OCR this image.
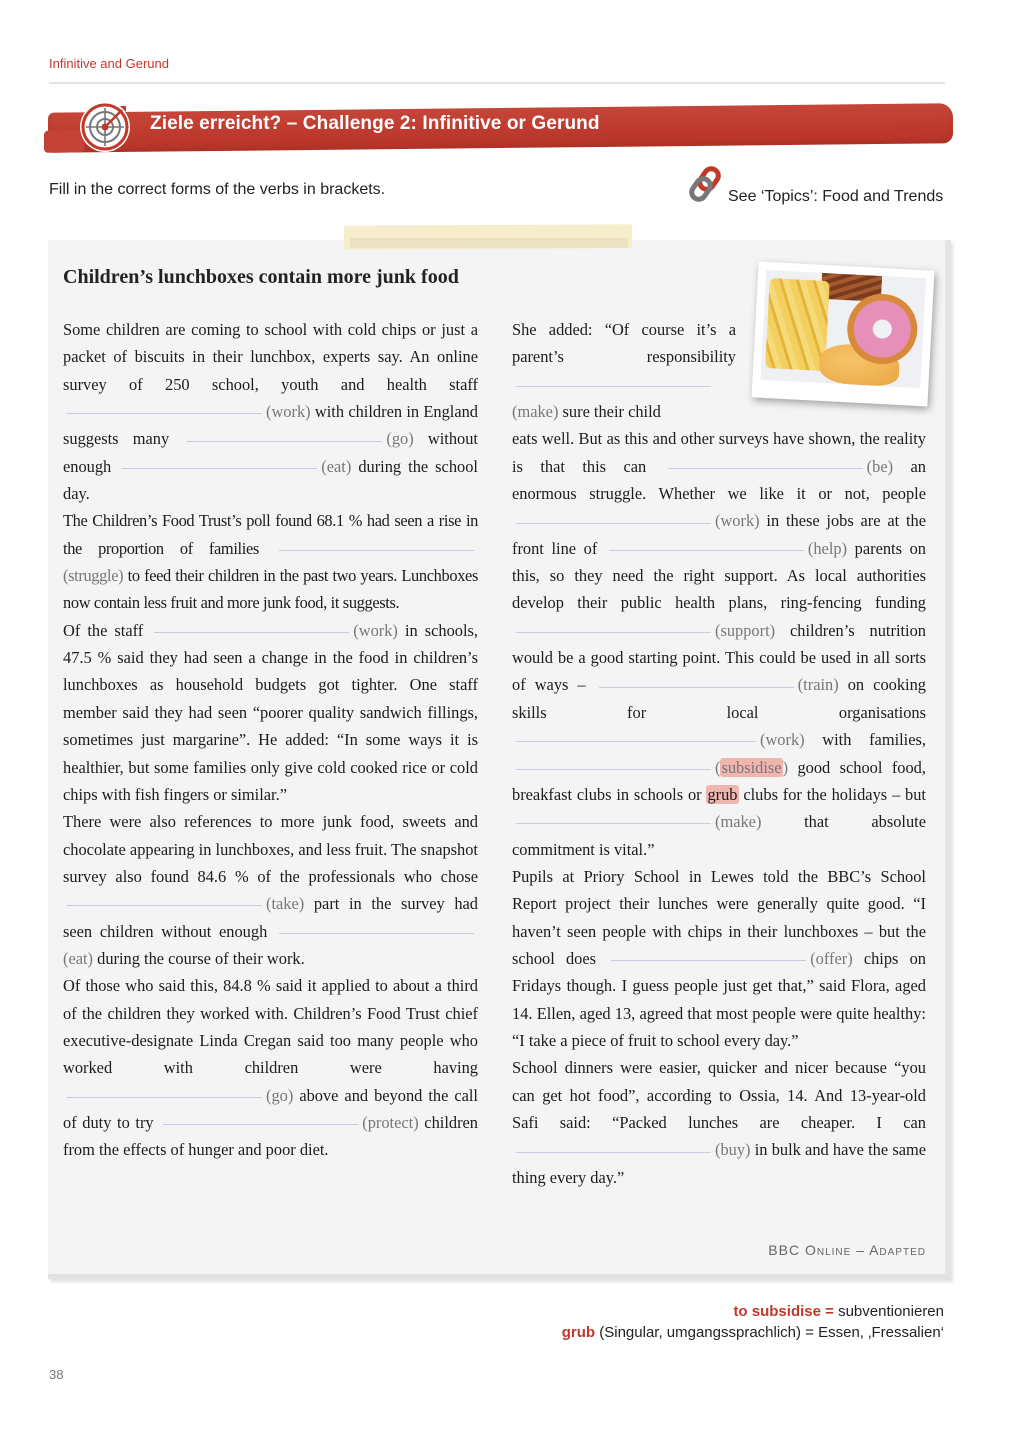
Infinitive and Gerund
Ziele erreicht? – Challenge 2: Infinitive or Gerund
Fill in the correct forms of the verbs in brackets.	See ‘Topics’: Food and Trends
Children’s lunchboxes contain more junk food

Some children are coming to school with cold chips or just a packet of biscuits in their lunchbox, experts say. An online survey of 250 school, youth and health staff (work) with children in England suggests many	(go) without enough	(eat) during the school day.

The Children’s Food Trust’s poll found 68.1 % had seen a rise in the proportion of families (struggle) to feed their children in the past two years. Lunchboxes now contain less fruit and more junk food, it suggests.

Of the staff	(work) in schools, 47.5 % said they had seen a change in the food in children’s lunchboxes as household budgets got tighter. One staff member said they had seen “poorer quality sandwich fillings, sometimes just margarine”. He added: “In some ways it is healthier, but some families only give cold cooked rice or cold chips with fish fingers or similar.”

There were also references to more junk food, sweets and chocolate appearing in lunchboxes, and less fruit. The snapshot survey also found 84.6 % of the professionals who chose (take) part in the survey had seen children without enough (eat) during the course of their work.

Of those who said this, 84.8 % said it applied to about a third of the children they worked with. Children’s Food Trust chief executive-designate Linda Cregan said too many people who worked with children were having (go) above and beyond the call of duty to try	(protect) children from the effects of hunger and poor diet.

She added: “Of course it’s a parent’s responsibility (make) sure their child

eats well. But as this and other surveys have shown, the reality is that this can	(be) an enormous struggle. Whether we like it or not, people (work) in these jobs are at the front line of	(help) parents on this, so they need the right support. As local authorities develop their public health plans, ring-fencing funding (support) children’s nutrition would be a good starting point. This could be used in all sorts of ways –	(train) on cooking skills for local organisations (work) with families, (subsidise) good school food, breakfast clubs in schools or grub clubs for the holidays – but (make)	that absolute commitment is vital.”

Pupils at Priory School in Lewes told the BBC’s School Report project their lunches were generally quite good. “I haven’t seen people with chips in their lunchboxes – but the school does	(offer) chips on Fridays though. I guess people just get that,” said Flora, aged 14. Ellen, aged 13, agreed that most people were quite healthy: “I take a piece of fruit to school every day.”

School dinners were easier, quicker and nicer because “you can get hot food”, according to Ossia, 14. And 13-year-old Safi said: “Packed lunches are cheaper. I can (buy) in bulk and have the same thing every day.”

BBC Online – Adapted
to subsidise = subventionieren
grub (Singular, umgangssprachlich) = Essen, ‚Fressalien‘
38
